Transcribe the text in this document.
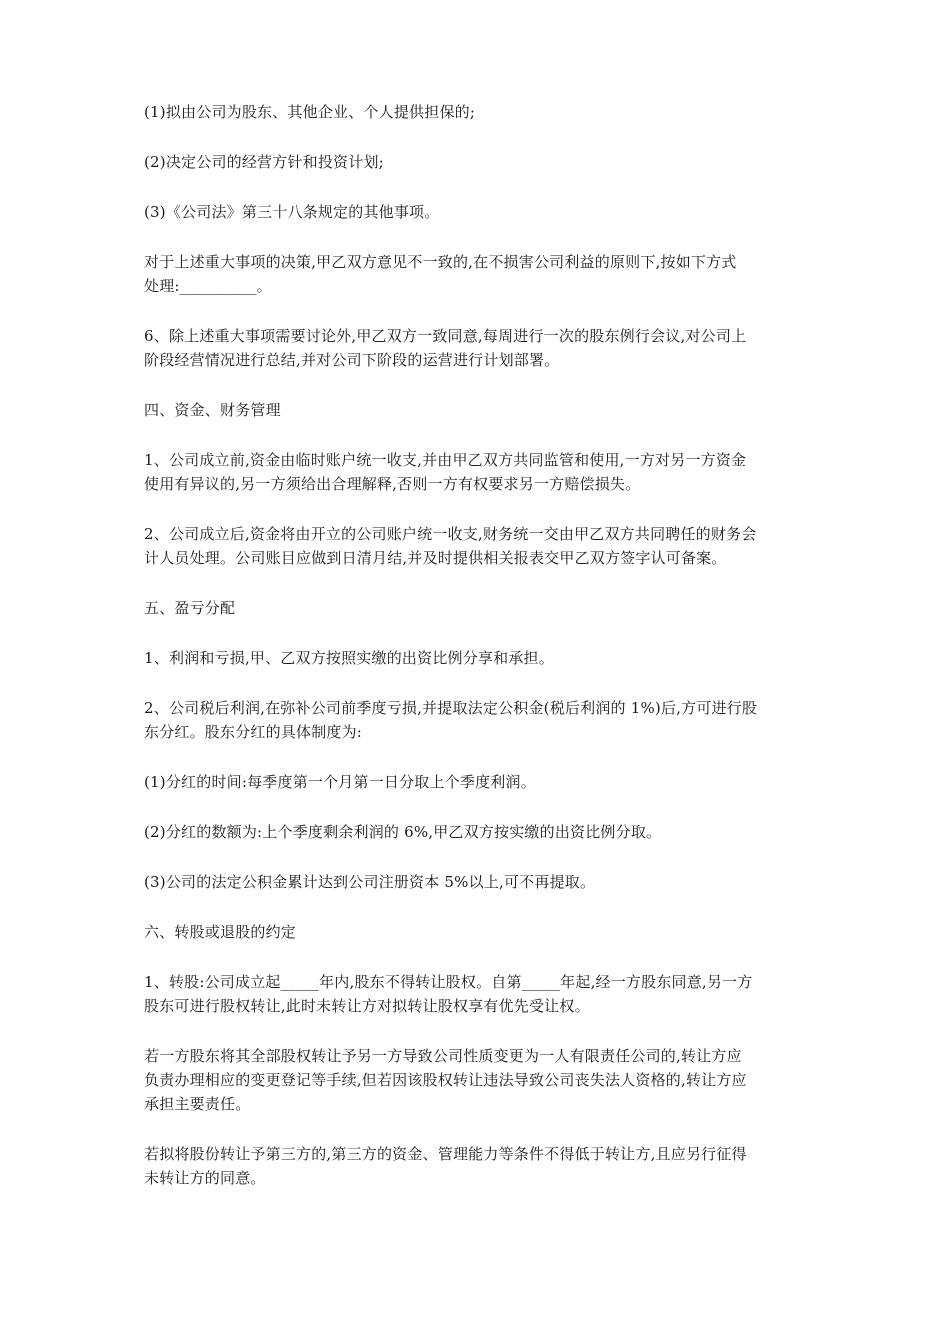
(1)拟由公司为股东、其他企业、个人提供担保的;

(2)决定公司的经营方针和投资计划;

(3)《公司法》第三十八条规定的其他事项。

对于上述重大事项的决策,甲乙双方意见不一致的,在不损害公司利益的原则下,按如下方式
处理:__________。

6、除上述重大事项需要讨论外,甲乙双方一致同意,每周进行一次的股东例行会议,对公司上
阶段经营情况进行总结,并对公司下阶段的运营进行计划部署。

四、资金、财务管理

1、公司成立前,资金由临时账户统一收支,并由甲乙双方共同监管和使用,一方对另一方资金
使用有异议的,另一方须给出合理解释,否则一方有权要求另一方赔偿损失。

2、公司成立后,资金将由开立的公司账户统一收支,财务统一交由甲乙双方共同聘任的财务会
计人员处理。公司账目应做到日清月结,并及时提供相关报表交甲乙双方签字认可备案。

五、盈亏分配

1、利润和亏损,甲、乙双方按照实缴的出资比例分享和承担。

2、公司税后利润,在弥补公司前季度亏损,并提取法定公积金(税后利润的 1%)后,方可进行股
东分红。股东分红的具体制度为:

(1)分红的时间:每季度第一个月第一日分取上个季度利润。

(2)分红的数额为:上个季度剩余利润的 6%,甲乙双方按实缴的出资比例分取。

(3)公司的法定公积金累计达到公司注册资本 5%以上,可不再提取。

六、转股或退股的约定

1、转股:公司成立起_____年内,股东不得转让股权。自第_____年起,经一方股东同意,另一方
股东可进行股权转让,此时未转让方对拟转让股权享有优先受让权。

若一方股东将其全部股权转让予另一方导致公司性质变更为一人有限责任公司的,转让方应
负责办理相应的变更登记等手续,但若因该股权转让违法导致公司丧失法人资格的,转让方应
承担主要责任。

若拟将股份转让予第三方的,第三方的资金、管理能力等条件不得低于转让方,且应另行征得
未转让方的同意。
